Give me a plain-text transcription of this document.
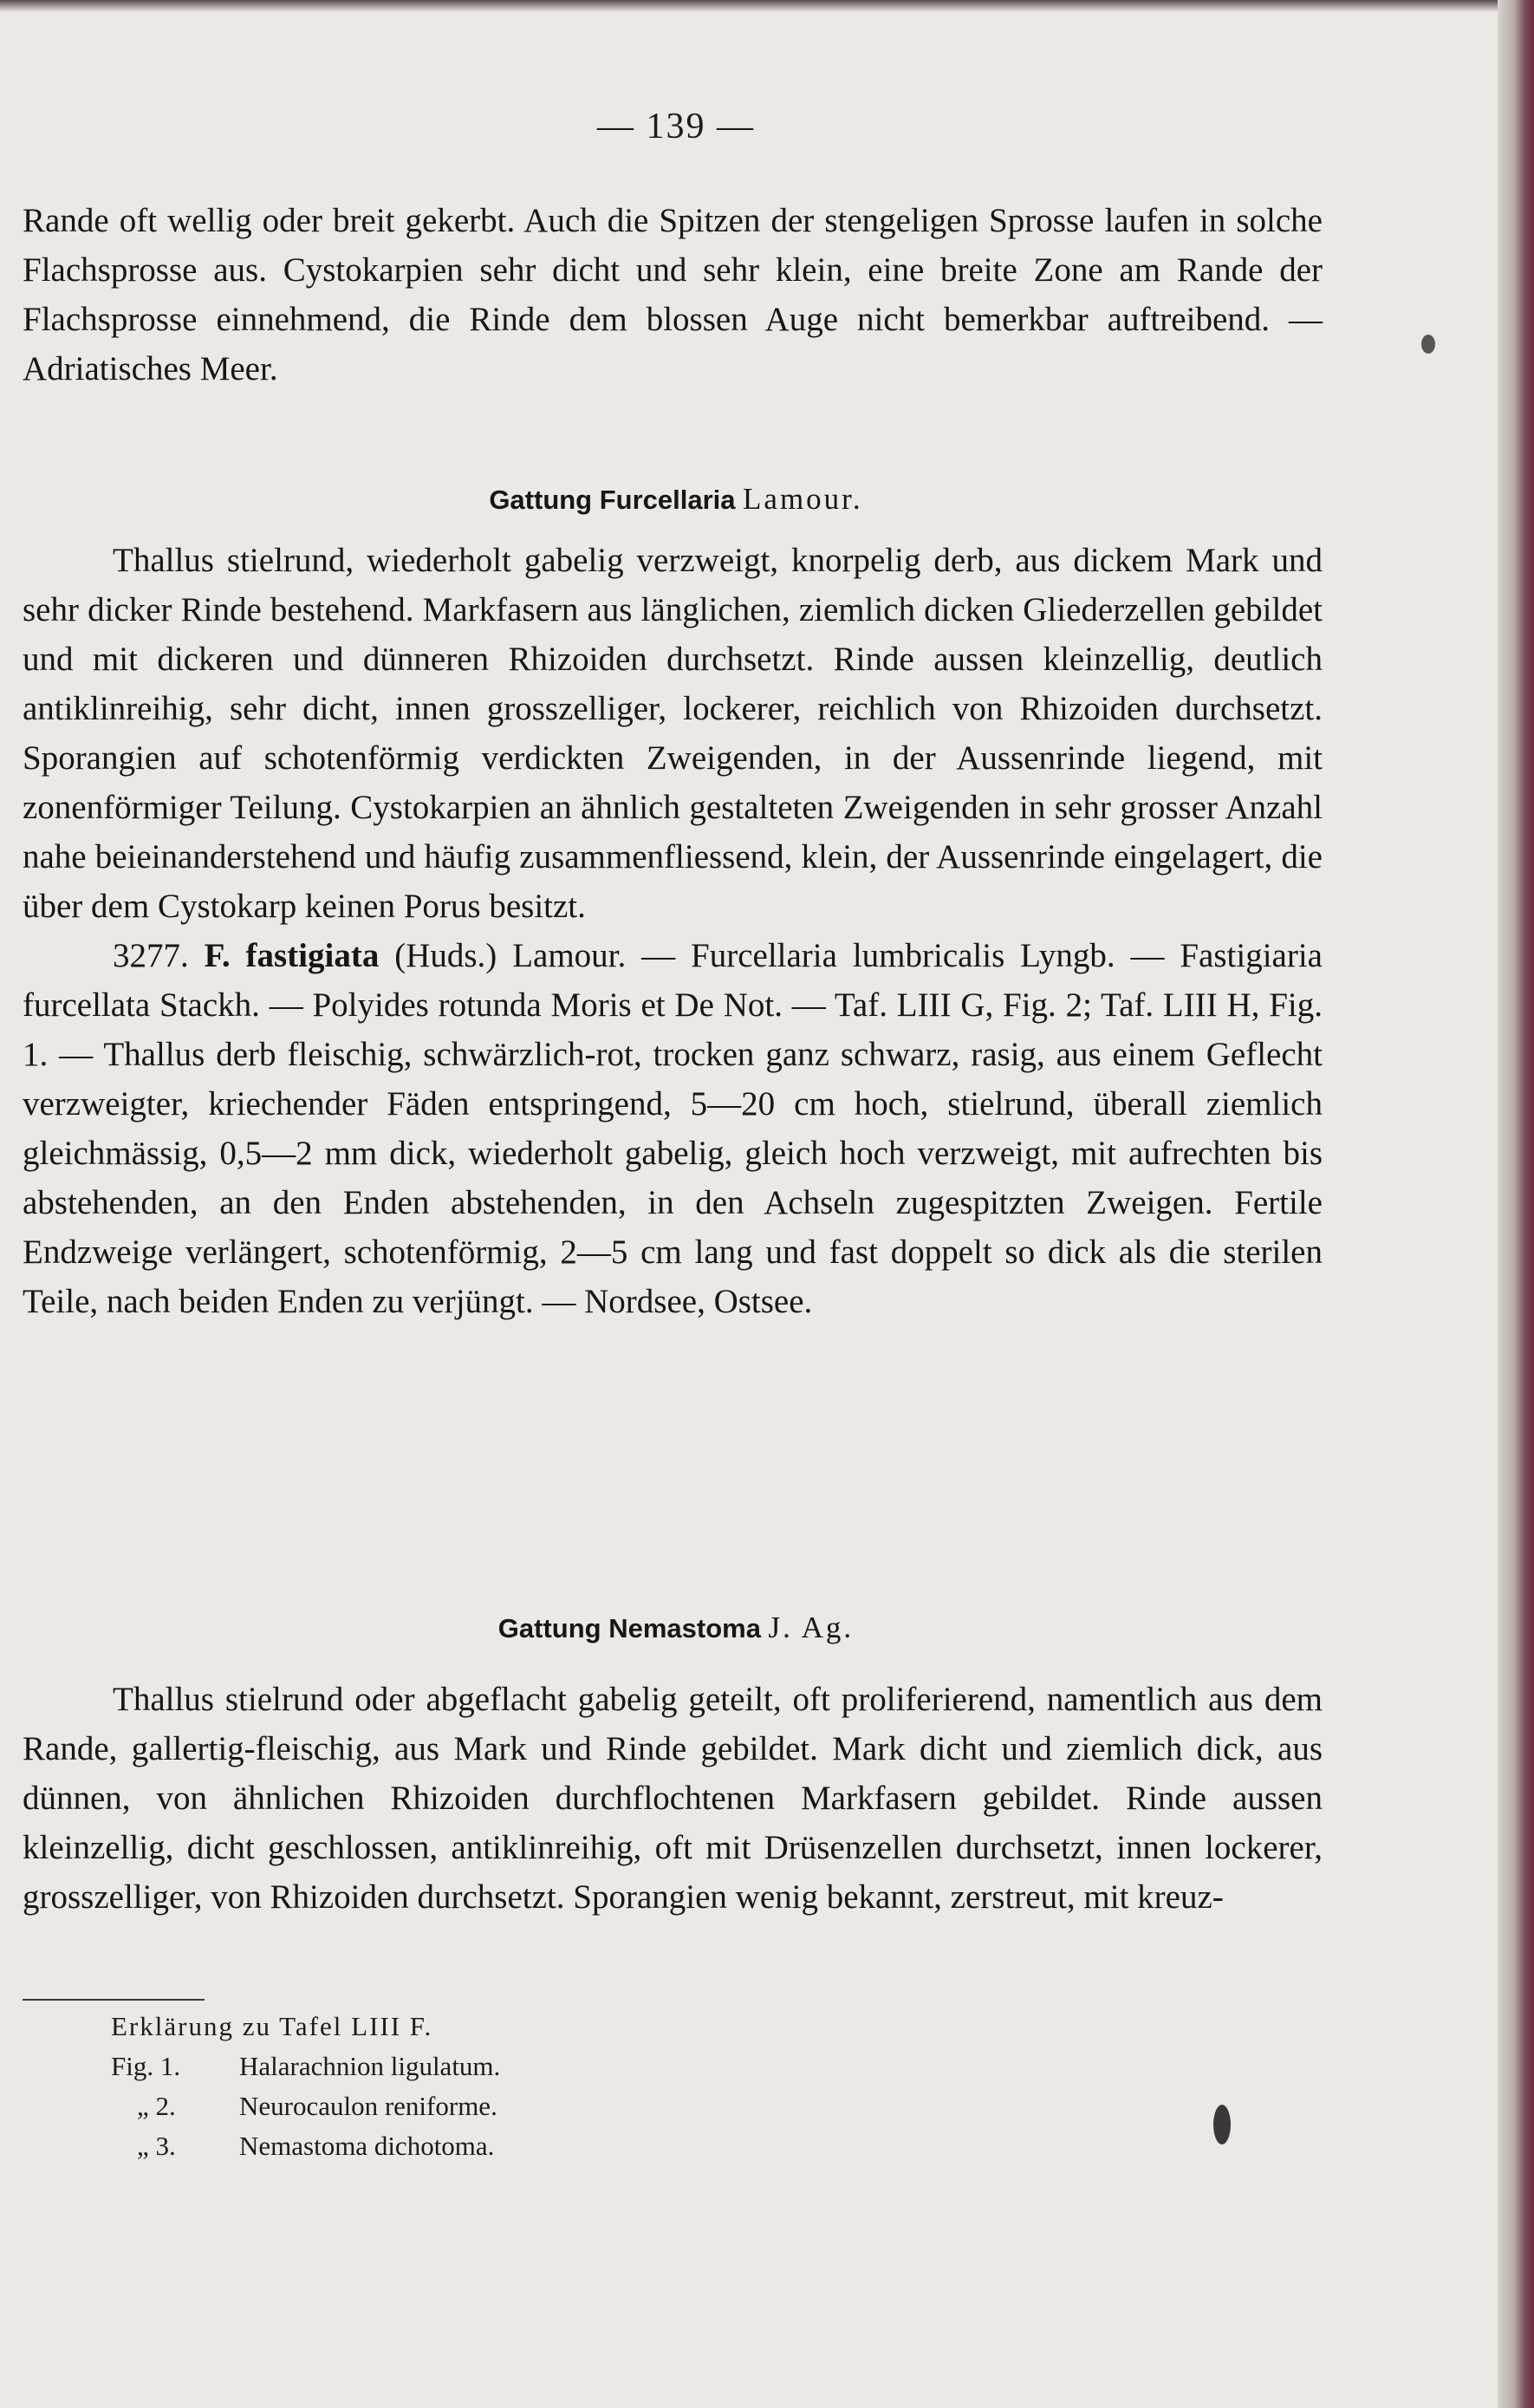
— 139 —

Rande oft wellig oder breit gekerbt. Auch die Spitzen der stengeligen Sprosse laufen in solche Flachsprosse aus. Cystokarpien sehr dicht und sehr klein, eine breite Zone am Rande der Flachsprosse einnehmend, die Rinde dem blossen Auge nicht bemerkbar auftreibend. — Adriatisches Meer.

Gattung Furcellaria Lamour.

Thallus stielrund, wiederholt gabelig verzweigt, knorpelig derb, aus dickem Mark und sehr dicker Rinde bestehend. Markfasern aus länglichen, ziemlich dicken Gliederzellen gebildet und mit dickeren und dünneren Rhizoiden durchsetzt. Rinde aussen kleinzellig, deutlich antiklinreihig, sehr dicht, innen grosszelliger, lockerer, reichlich von Rhizoiden durchsetzt. Sporangien auf schotenförmig verdickten Zweigenden, in der Aussenrinde liegend, mit zonenförmiger Teilung. Cystokarpien an ähnlich gestalteten Zweigenden in sehr grosser Anzahl nahe beieinanderstehend und häufig zusammenfliessend, klein, der Aussenrinde eingelagert, die über dem Cystokarp keinen Porus besitzt.

3277. F. fastigiata (Huds.) Lamour. — Furcellaria lumbricalis Lyngb. — Fastigiaria furcellata Stackh. — Polyides rotunda Moris et De Not. — Taf. LIII G, Fig. 2; Taf. LIII H, Fig. 1. — Thallus derb fleischig, schwärzlich-rot, trocken ganz schwarz, rasig, aus einem Geflecht verzweigter, kriechender Fäden entspringend, 5—20 cm hoch, stielrund, überall ziemlich gleichmässig, 0,5—2 mm dick, wiederholt gabelig, gleich hoch verzweigt, mit aufrechten bis abstehenden, an den Enden abstehenden, in den Achseln zugespitzten Zweigen. Fertile Endzweige verlängert, schotenförmig, 2—5 cm lang und fast doppelt so dick als die sterilen Teile, nach beiden Enden zu verjüngt. — Nordsee, Ostsee.

Gattung Nemastoma J. Ag.

Thallus stielrund oder abgeflacht gabelig geteilt, oft proliferierend, namentlich aus dem Rande, gallertig-fleischig, aus Mark und Rinde gebildet. Mark dicht und ziemlich dick, aus dünnen, von ähnlichen Rhizoiden durchflochtenen Markfasern gebildet. Rinde aussen kleinzellig, dicht geschlossen, antiklinreihig, oft mit Drüsenzellen durchsetzt, innen lockerer, grosszelliger, von Rhizoiden durchsetzt. Sporangien wenig bekannt, zerstreut, mit kreuz-

Erklärung zu Tafel LIII F.
Fig. 1. Halarachnion ligulatum.
„ 2. Neurocaulon reniforme.
„ 3. Nemastoma dichotoma.
